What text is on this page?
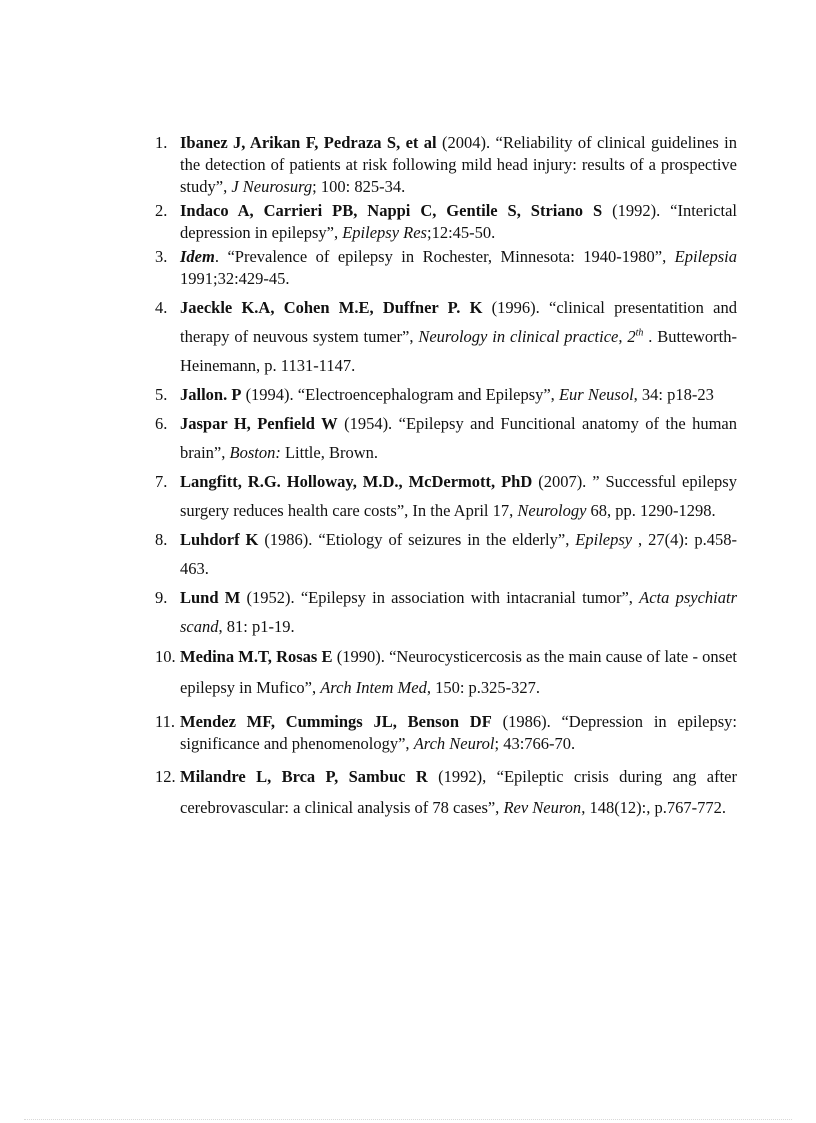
1. Ibanez J, Arikan F, Pedraza S, et al (2004). “Reliability of clinical guidelines in the detection of patients at risk following mild head injury: results of a prospective study”, J Neurosurg; 100: 825-34.
2. Indaco A, Carrieri PB, Nappi C, Gentile S, Striano S (1992). “Interictal depression in epilepsy”, Epilepsy Res;12:45-50.
3. Idem. “Prevalence of epilepsy in Rochester, Minnesota: 1940-1980”, Epilepsia 1991;32:429-45.
4. Jaeckle K.A, Cohen M.E, Duffner P. K (1996). “clinical presentatition and therapy of neuvous system tumer”, Neurology in clinical practice, 2th . Butteworth-Heinemann, p. 1131-1147.
5. Jallon. P (1994). “Electroencephalogram and Epilepsy”, Eur Neusol, 34: p18-23
6. Jaspar H, Penfield W (1954). “Epilepsy and Funcitional anatomy of the human brain”, Boston: Little, Brown.
7. Langfitt, R.G. Holloway, M.D., McDermott, PhD (2007). ” Successful epilepsy surgery reduces health care costs”, In the April 17, Neurology 68, pp. 1290-1298.
8. Luhdorf K (1986). “Etiology of seizures in the elderly”, Epilepsy , 27(4): p.458-463.
9. Lund M (1952). “Epilepsy in association with intacranial tumor”, Acta psychiatr scand, 81: p1-19.
10. Medina M.T, Rosas E (1990). “Neurocysticercosis as the main cause of late - onset epilepsy in Mufico”, Arch Intem Med, 150: p.325-327.
11. Mendez MF, Cummings JL, Benson DF (1986). “Depression in epilepsy: significance and phenomenology”, Arch Neurol; 43:766-70.
12. Milandre L, Brca P, Sambuc R (1992), “Epileptic crisis during ang after cerebrovascular: a clinical analysis of 78 cases”, Rev Neuron, 148(12):, p.767-772.
